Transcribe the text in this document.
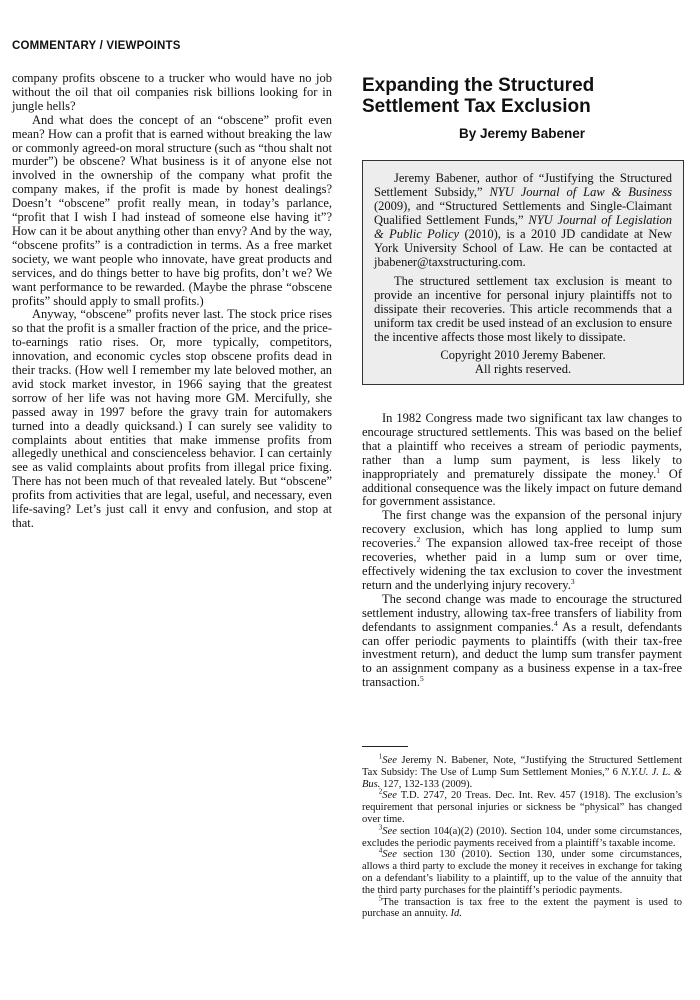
COMMENTARY / VIEWPOINTS

company profits obscene to a trucker who would have no job without the oil that oil companies risk billions looking for in jungle hells?

And what does the concept of an “obscene” profit even mean? How can a profit that is earned without breaking the law or commonly agreed-on moral structure (such as “thou shalt not murder”) be obscene? What business is it of anyone else not involved in the ownership of the company what profit the company makes, if the profit is made by honest dealings? Doesn’t “obscene” profit really mean, in today’s parlance, “profit that I wish I had instead of someone else having it”? How can it be about anything other than envy? And by the way, “obscene profits” is a contradiction in terms. As a free market society, we want people who innovate, have great products and services, and do things better to have big profits, don’t we? We want performance to be rewarded. (Maybe the phrase “obscene profits” should apply to small profits.)

Anyway, “obscene” profits never last. The stock price rises so that the profit is a smaller fraction of the price, and the price-to-earnings ratio rises. Or, more typically, competitors, innovation, and economic cycles stop obscene profits dead in their tracks. (How well I remember my late beloved mother, an avid stock market investor, in 1966 saying that the greatest sorrow of her life was not having more GM. Mercifully, she passed away in 1997 before the gravy train for automakers turned into a deadly quicksand.) I can surely see validity to complaints about entities that make immense profits from allegedly unethical and conscienceless behavior. I can certainly see as valid complaints about profits from illegal price fixing. There has not been much of that revealed lately. But “obscene” profits from activities that are legal, useful, and necessary, even life-saving? Let’s just call it envy and confusion, and stop at that.

Expanding the Structured
Settlement Tax Exclusion
By Jeremy Babener

Jeremy Babener, author of “Justifying the Structured Settlement Subsidy,” NYU Journal of Law & Business (2009), and “Structured Settlements and Single-Claimant Qualified Settlement Funds,” NYU Journal of Legislation & Public Policy (2010), is a 2010 JD candidate at New York University School of Law. He can be contacted at jbabener@taxstructuring.com.

The structured settlement tax exclusion is meant to provide an incentive for personal injury plaintiffs not to dissipate their recoveries. This article recommends that a uniform tax credit be used instead of an exclusion to ensure the incentive affects those most likely to dissipate.

Copyright 2010 Jeremy Babener.
All rights reserved.

In 1982 Congress made two significant tax law changes to encourage structured settlements. This was based on the belief that a plaintiff who receives a stream of periodic payments, rather than a lump sum payment, is less likely to inappropriately and prematurely dissipate the money.$^1$ Of additional consequence was the likely impact on future demand for government assistance.

The first change was the expansion of the personal injury recovery exclusion, which has long applied to lump sum recoveries.$^2$ The expansion allowed tax-free receipt of those recoveries, whether paid in a lump sum or over time, effectively widening the tax exclusion to cover the investment return and the underlying injury recovery.$^3$

The second change was made to encourage the structured settlement industry, allowing tax-free transfers of liability from defendants to assignment companies.$^4$ As a result, defendants can offer periodic payments to plaintiffs (with their tax-free investment return), and deduct the lump sum transfer payment to an assignment company as a business expense in a tax-free transaction.$^5$

$^1$See Jeremy N. Babener, Note, “Justifying the Structured Settlement Tax Subsidy: The Use of Lump Sum Settlement Monies,” 6 N.Y.U. J. L. & Bus. 127, 132-133 (2009).

$^2$See T.D. 2747, 20 Treas. Dec. Int. Rev. 457 (1918). The exclusion’s requirement that personal injuries or sickness be “physical” has changed over time.

$^3$See section 104(a)(2) (2010). Section 104, under some circumstances, excludes the periodic payments received from a plaintiff’s taxable income.

$^4$See section 130 (2010). Section 130, under some circumstances, allows a third party to exclude the money it receives in exchange for taking on a defendant’s liability to a plaintiff, up to the value of the annuity that the third party purchases for the plaintiff’s periodic payments.

$^5$The transaction is tax free to the extent the payment is used to purchase an annuity. Id.
